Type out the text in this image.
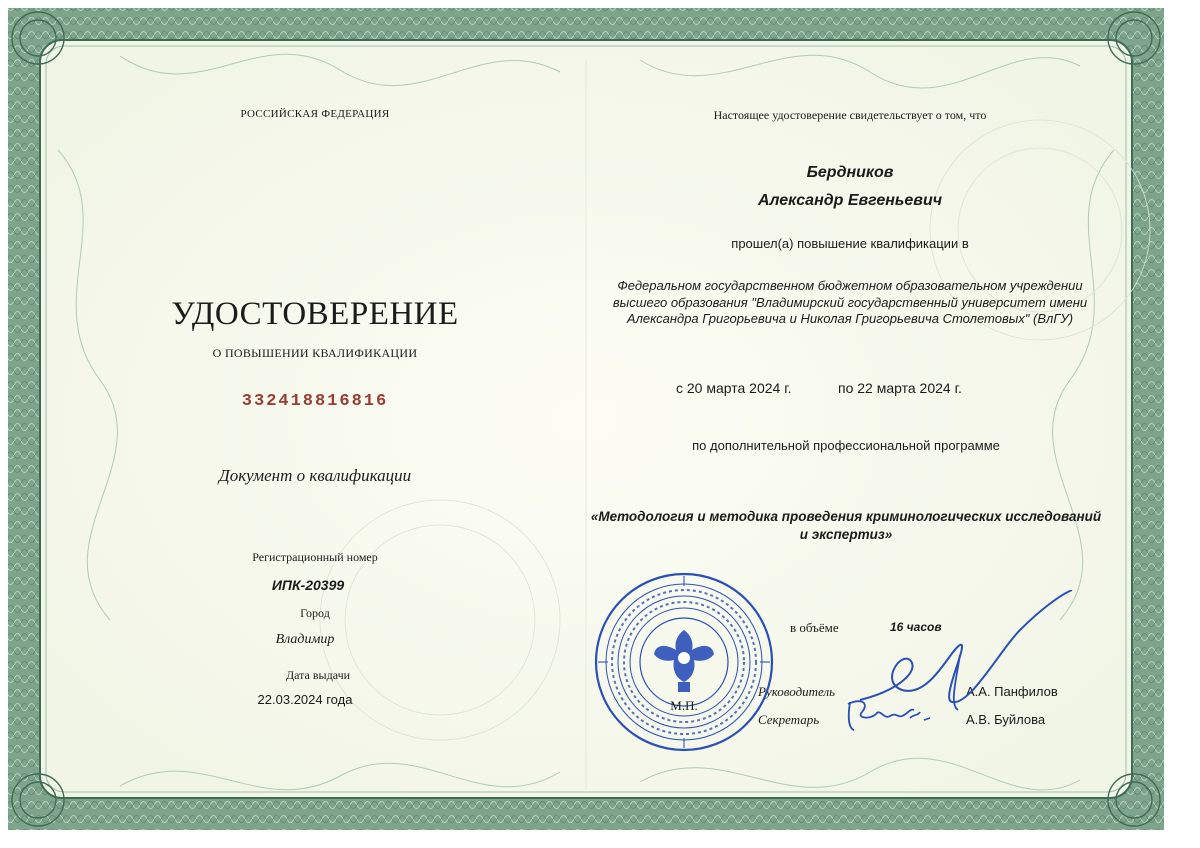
РОССИЙСКАЯ ФЕДЕРАЦИЯ
УДОСТОВЕРЕНИЕ
О ПОВЫШЕНИИ КВАЛИФИКАЦИИ
332418816816
Документ о квалификации
Регистрационный номер
ИПК-20399
Город
Владимир
Дата выдачи
22.03.2024 года
Настоящее удостоверение свидетельствует о том, что
Бердников
Александр Евгеньевич
прошел(а) повышение квалификации в
Федеральном государственном бюджетном образовательном учреждении высшего образования "Владимирский государственный университет имени Александра Григорьевича и Николая Григорьевича Столетовых" (ВлГУ)
с 20 марта 2024 г.	по 22 марта 2024 г.
по дополнительной профессиональной программе
«Методология и методика проведения криминологических исследований и экспертиз»
в объёме	16 часов
Руководитель	А.А. Панфилов
Секретарь	А.В. Буйлова
М.П.
